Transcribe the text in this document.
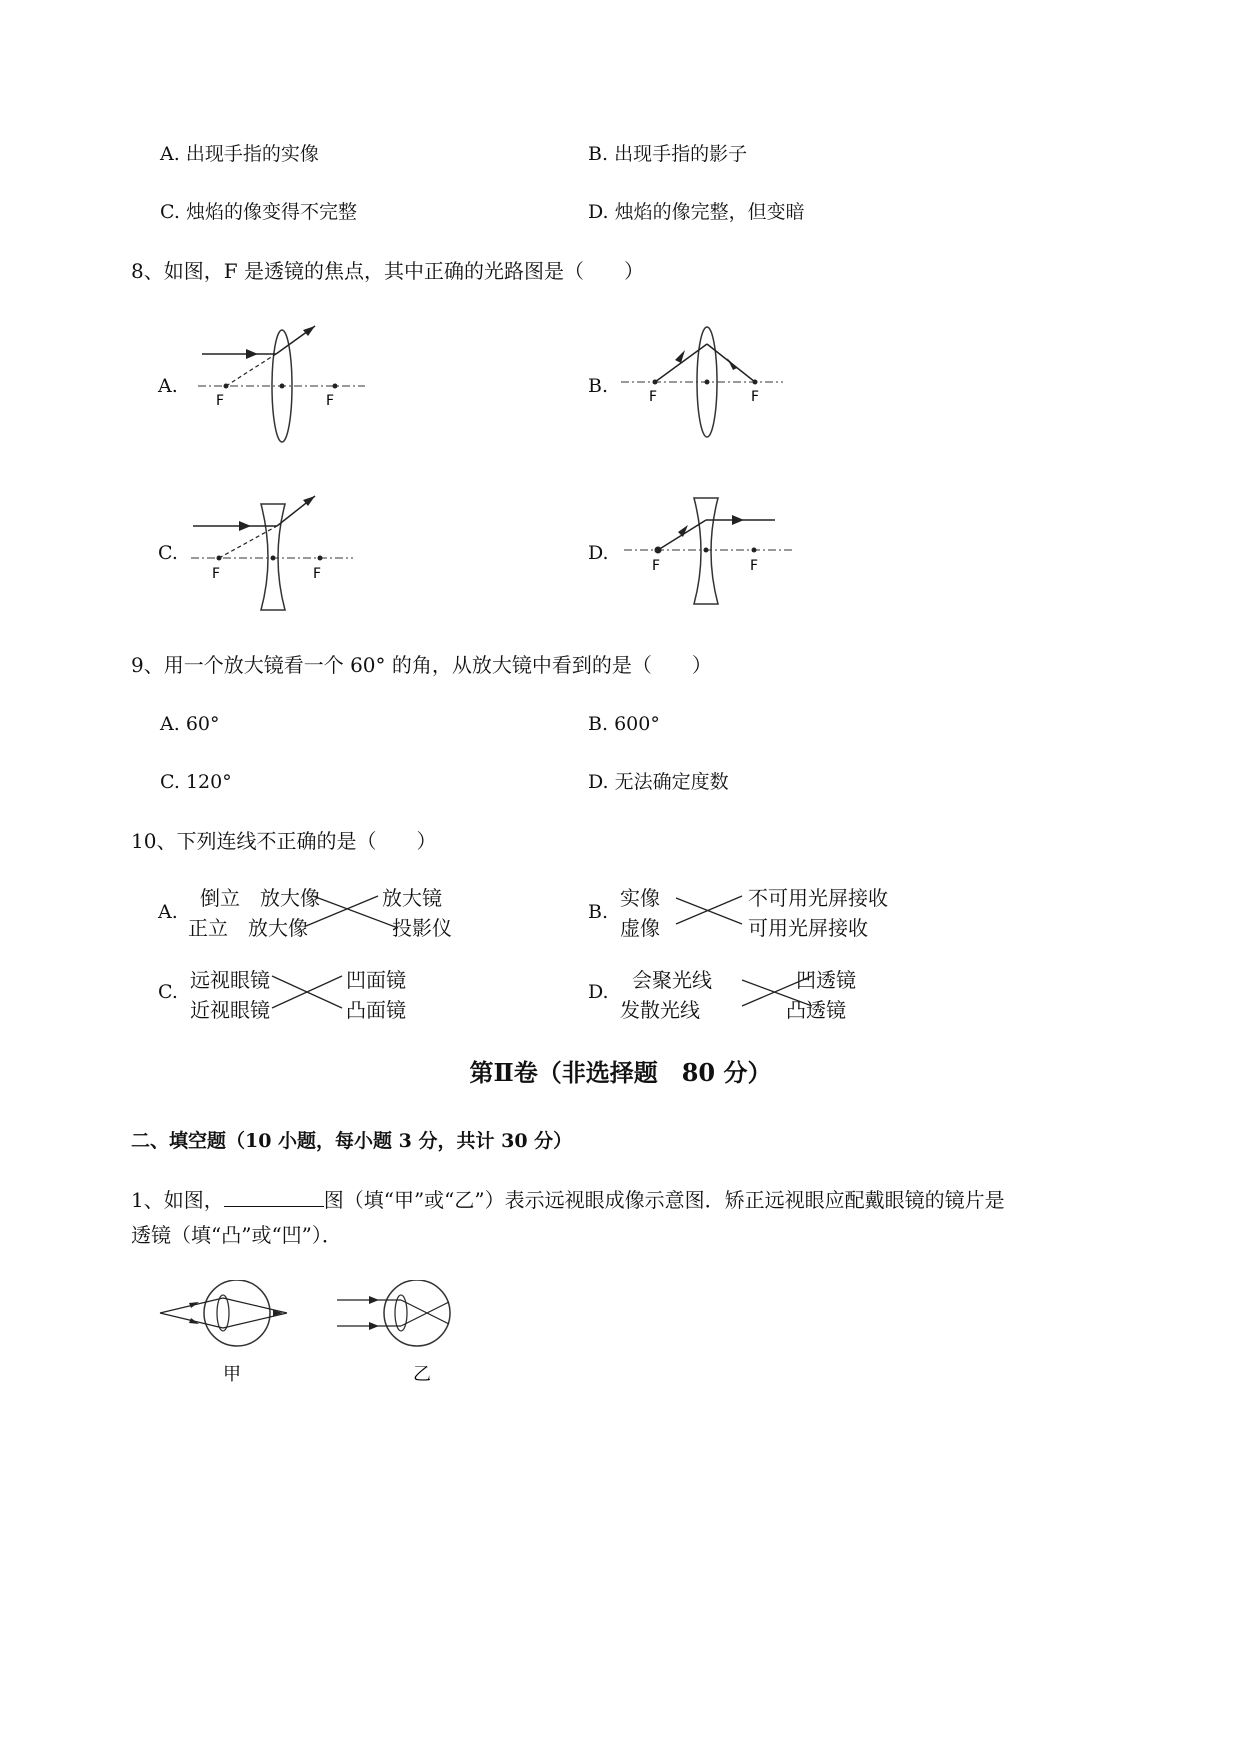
A. 出现手指的实像	B. 出现手指的影子
C. 烛焰的像变得不完整	D. 烛焰的像完整，但变暗
8、如图，F 是透镜的焦点，其中正确的光路图是（　　）
A.	B.
C.	D.
F	F	F	F
F	F	F	F
9、用一个放大镜看一个 60° 的角，从放大镜中看到的是（　　）
A. 60°	B. 600°
C. 120°	D. 无法确定度数
10、下列连线不正确的是（　　）
A.
倒立　放大像
正立　放大像
放大镜
投影仪
B.
实像
虚像
不可用光屏接收
可用光屏接收
C. 远视眼镜
近视眼镜
凹面镜
凸面镜
D. 会聚光线
发散光线
凹透镜
凸透镜
第Ⅱ卷（非选择题　80 分）
二、填空题（10 小题，每小题 3 分，共计 30 分）
1、如图，	图（填“甲”或“乙”）表示远视眼成像示意图．矫正远视眼应配戴眼镜的镜片是
透镜（填“凸”或“凹”）．
甲	乙
